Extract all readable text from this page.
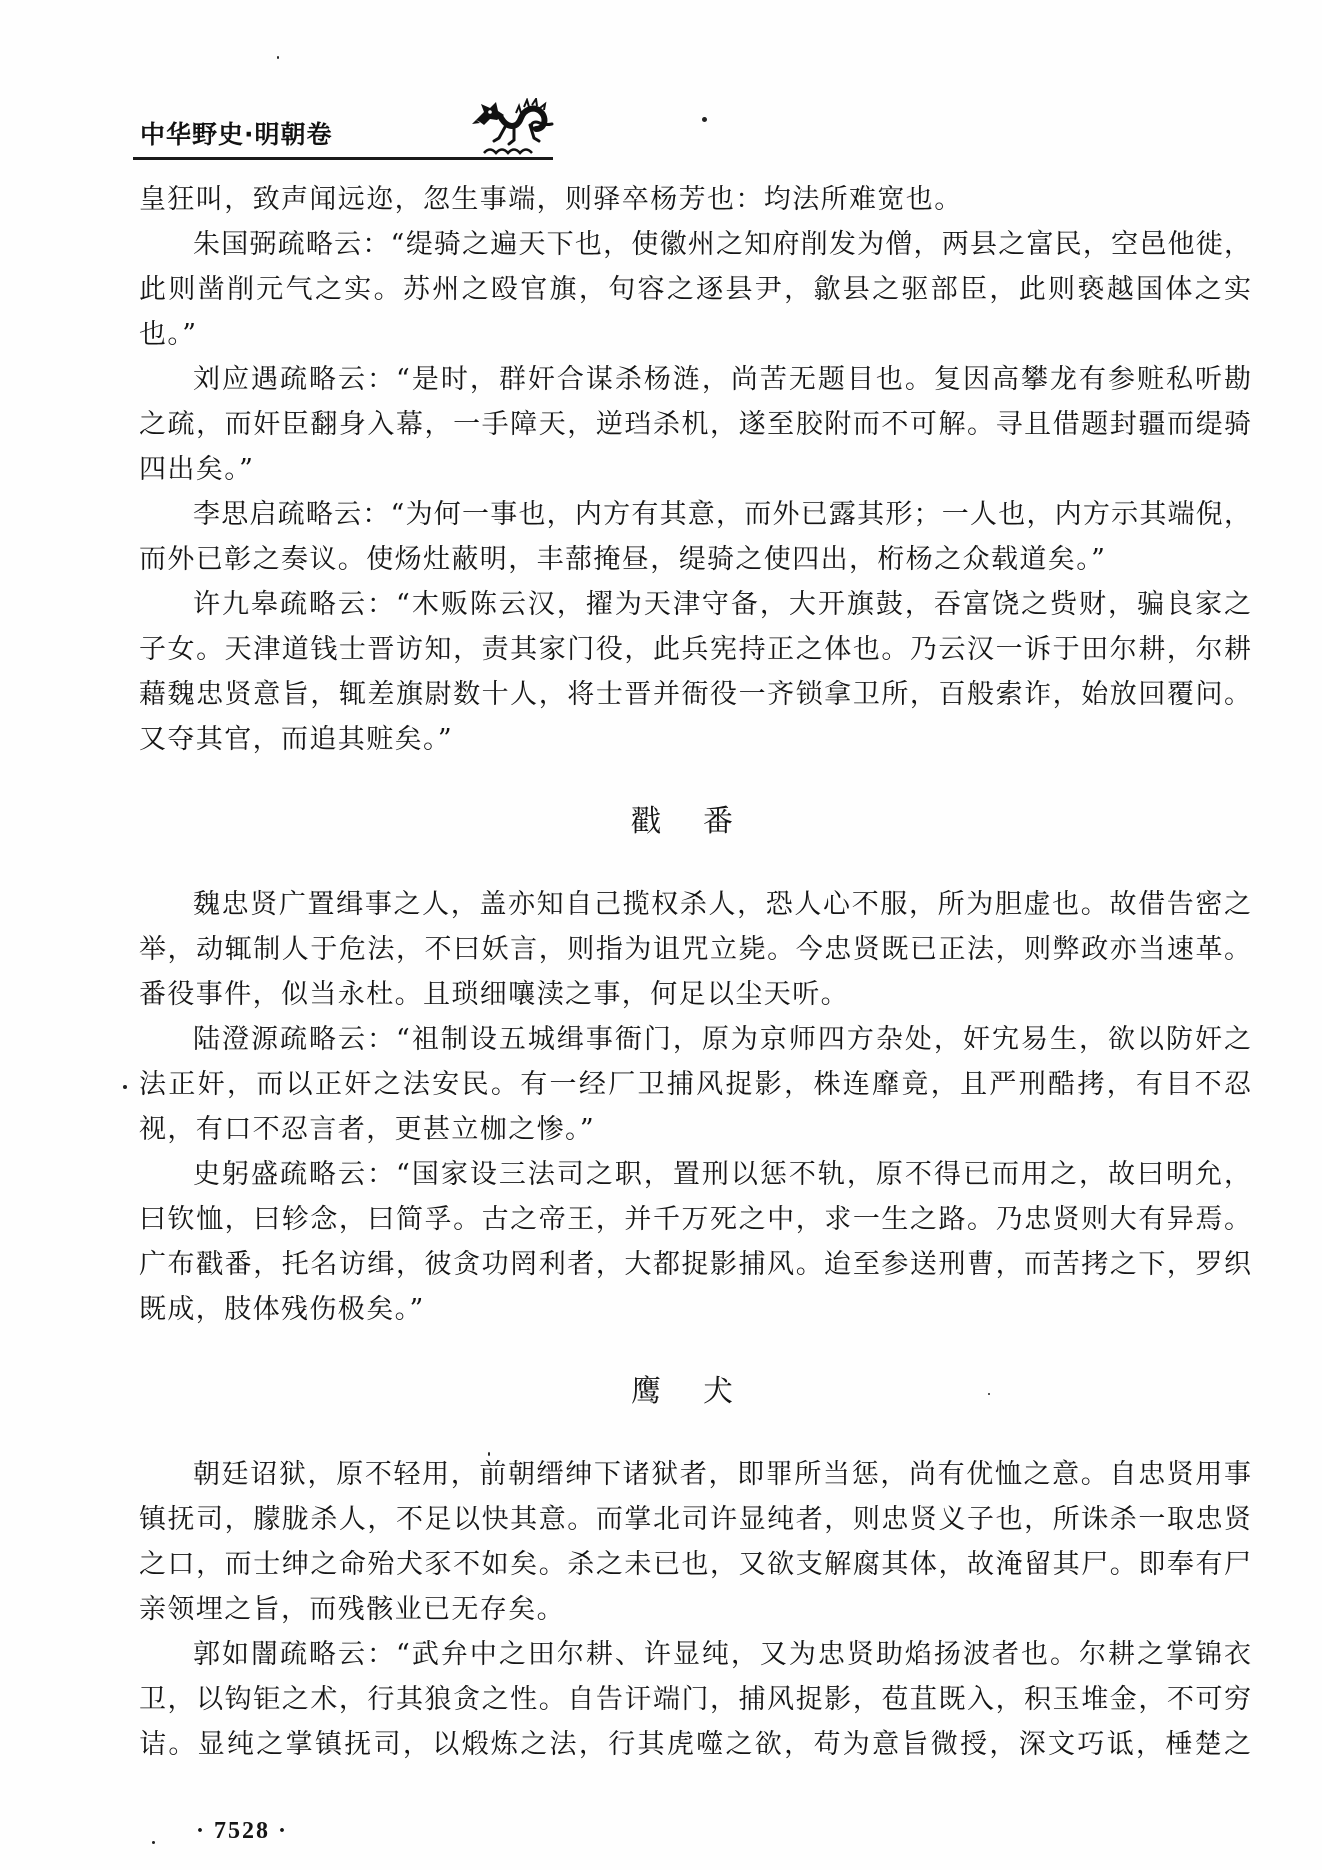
中华野史·明朝卷
皇狂叫，致声闻远迩，忽生事端，则驿卒杨芳也：均法所难宽也。
朱国弼疏略云：“缇骑之遍天下也，使徽州之知府削发为僧，两县之富民，空邑他徙，
此则凿削元气之实。苏州之殴官旗，句容之逐县尹，歙县之驱部臣，此则亵越国体之实
也。”
刘应遇疏略云：“是时，群奸合谋杀杨涟，尚苦无题目也。复因高攀龙有参赃私听勘
之疏，而奸臣翻身入幕，一手障天，逆珰杀机，遂至胶附而不可解。寻且借题封疆而缇骑
四出矣。”
李思启疏略云：“为何一事也，内方有其意，而外已露其形；一人也，内方示其端倪，
而外已彰之奏议。使炀灶蔽明，丰蔀掩昼，缇骑之使四出，桁杨之众载道矣。”
许九皋疏略云：“木贩陈云汉，擢为天津守备，大开旗鼓，吞富饶之赀财，骗良家之
子女。天津道钱士晋访知，责其家门役，此兵宪持正之体也。乃云汉一诉于田尔耕，尔耕
藉魏忠贤意旨，辄差旗尉数十人，将士晋并衙役一齐锁拿卫所，百般索诈，始放回覆问。
又夺其官，而追其赃矣。”
戳　番
魏忠贤广置缉事之人，盖亦知自己揽权杀人，恐人心不服，所为胆虚也。故借告密之
举，动辄制人于危法，不曰妖言，则指为诅咒立毙。今忠贤既已正法，则弊政亦当速革。
番役事件，似当永杜。且琐细嚷渎之事，何足以尘天听。
陆澄源疏略云：“祖制设五城缉事衙门，原为京师四方杂处，奸宄易生，欲以防奸之
法正奸，而以正奸之法安民。有一经厂卫捕风捉影，株连靡竟，且严刑酷拷，有目不忍
视，有口不忍言者，更甚立枷之惨。”
史躬盛疏略云：“国家设三法司之职，置刑以惩不轨，原不得已而用之，故曰明允，
曰钦恤，曰轸念，曰简孚。古之帝王，并千万死之中，求一生之路。乃忠贤则大有异焉。
广布戳番，托名访缉，彼贪功罔利者，大都捉影捕风。迨至参送刑曹，而苦拷之下，罗织
既成，肢体残伤极矣。”
鹰　犬
朝廷诏狱，原不轻用，前朝缙绅下诸狱者，即罪所当惩，尚有优恤之意。自忠贤用事
镇抚司，朦胧杀人，不足以快其意。而掌北司许显纯者，则忠贤义子也，所诛杀一取忠贤
之口，而士绅之命殆犬豕不如矣。杀之未已也，又欲支解腐其体，故淹留其尸。即奉有尸
亲领埋之旨，而残骸业已无存矣。
郭如闇疏略云：“武弁中之田尔耕、许显纯，又为忠贤助焰扬波者也。尔耕之掌锦衣
卫，以钩钜之术，行其狼贪之性。自告讦端门，捕风捉影，苞苴既入，积玉堆金，不可穷
诘。显纯之掌镇抚司，以煅炼之法，行其虎噬之欲，苟为意旨微授，深文巧诋，棰楚之
· 7528 ·
